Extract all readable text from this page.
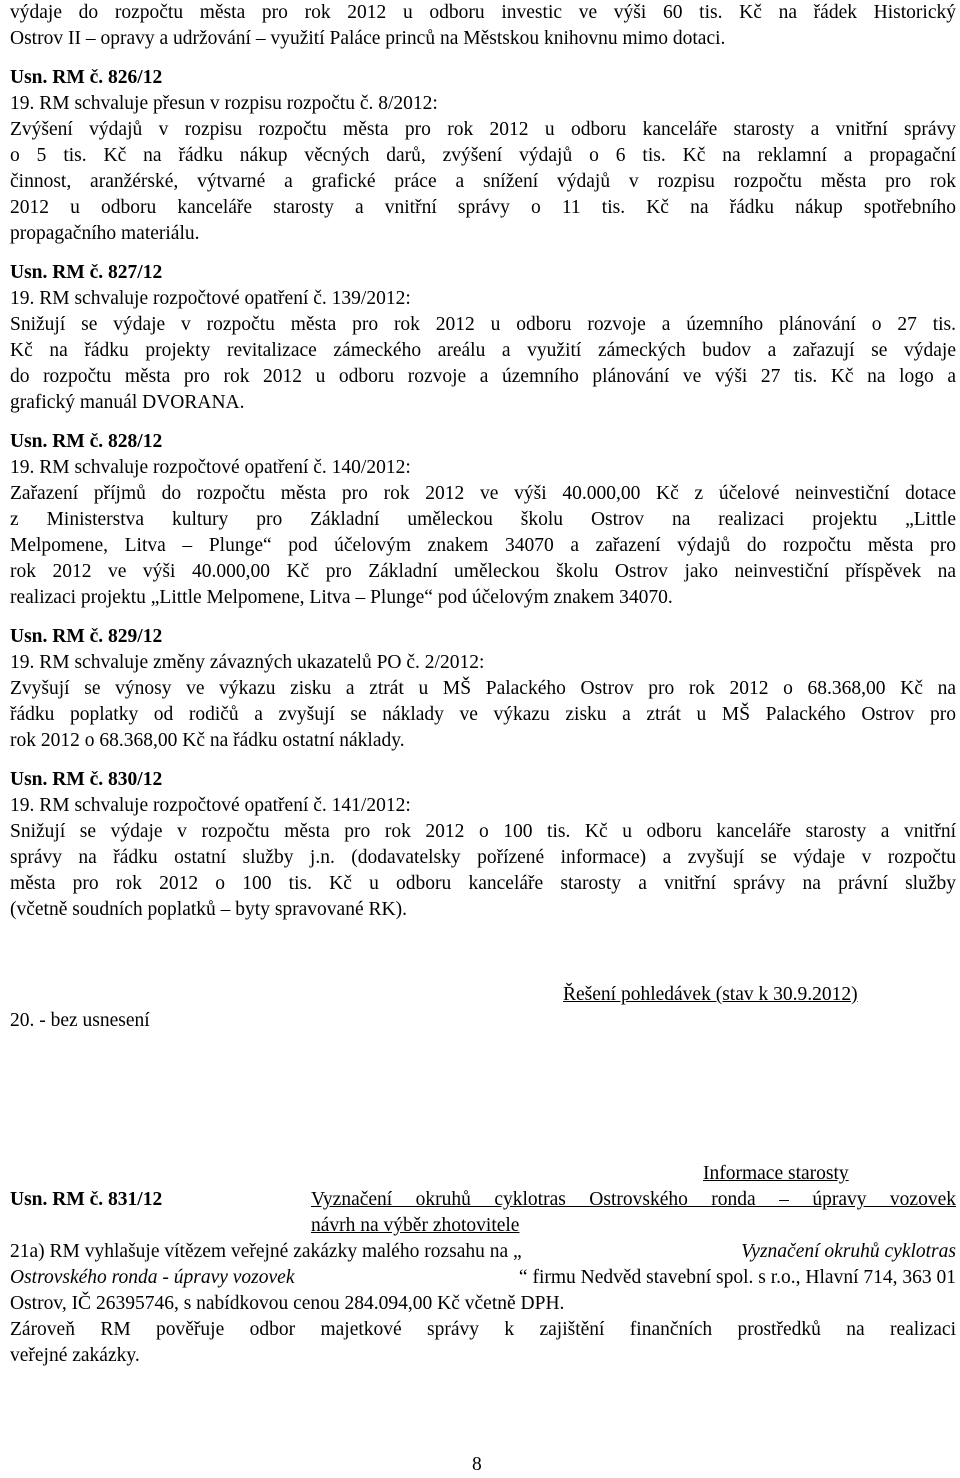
výdaje do rozpočtu města pro rok 2012 u odboru investic ve výši 60 tis. Kč na řádek Historický
Ostrov II – opravy a udržování – využití Paláce princů na Městskou knihovnu mimo dotaci.
Usn. RM č. 826/12
19. RM schvaluje přesun v rozpisu rozpočtu č. 8/2012:
Zvýšení výdajů v rozpisu rozpočtu města pro rok 2012 u odboru kanceláře starosty a vnitřní správy
o 5 tis. Kč na řádku nákup věcných darů, zvýšení výdajů o 6 tis. Kč na reklamní a propagační
činnost, aranžérské, výtvarné a grafické práce a snížení výdajů v rozpisu rozpočtu města pro rok
2012 u odboru kanceláře starosty a vnitřní správy o 11 tis. Kč na řádku nákup spotřebního
propagačního materiálu.
Usn. RM č. 827/12
19. RM schvaluje rozpočtové opatření č. 139/2012:
Snižují se výdaje v rozpočtu města pro rok 2012 u odboru rozvoje a územního plánování o 27 tis.
Kč na řádku projekty revitalizace zámeckého areálu a využití zámeckých budov a zařazují se výdaje
do rozpočtu města pro rok 2012 u odboru rozvoje a územního plánování ve výši 27 tis. Kč na logo a
grafický manuál DVORANA.
Usn. RM č. 828/12
19. RM schvaluje rozpočtové opatření č. 140/2012:
Zařazení příjmů do rozpočtu města pro rok 2012 ve výši 40.000,00 Kč z účelové neinvestiční dotace
z Ministerstva kultury pro Základní uměleckou školu Ostrov na realizaci projektu „Little
Melpomene, Litva – Plunge“ pod účelovým znakem 34070 a zařazení výdajů do rozpočtu města pro
rok 2012 ve výši 40.000,00 Kč pro Základní uměleckou školu Ostrov jako neinvestiční příspěvek na
realizaci projektu „Little Melpomene, Litva – Plunge“ pod účelovým znakem 34070.
Usn. RM č. 829/12
19. RM schvaluje změny závazných ukazatelů PO č. 2/2012:
Zvyšují se výnosy ve výkazu zisku a ztrát u MŠ Palackého Ostrov pro rok 2012 o 68.368,00 Kč na
řádku poplatky od rodičů a zvyšují se náklady ve výkazu zisku a ztrát u MŠ Palackého Ostrov pro
rok 2012 o 68.368,00 Kč na řádku ostatní náklady.
Usn. RM č. 830/12
19. RM schvaluje rozpočtové opatření č. 141/2012:
Snižují se výdaje v rozpočtu města pro rok 2012 o 100 tis. Kč u odboru kanceláře starosty a vnitřní
správy na řádku ostatní služby j.n. (dodavatelsky pořízené informace) a zvyšují se výdaje v rozpočtu
města pro rok 2012 o 100 tis. Kč u odboru kanceláře starosty a vnitřní správy na právní služby
(včetně soudních poplatků – byty spravované RK).
Řešení pohledávek (stav k 30.9.2012)
20. - bez usnesení
Informace starosty
Usn. RM č. 831/12	Vyznačení okruhů cyklotras Ostrovského ronda – úpravy vozovek
návrh na výběr zhotovitele
21a) RM vyhlašuje vítězem veřejné zakázky malého rozsahu na „	Vyznačení okruhů cyklotras
Ostrovského ronda - úpravy vozovek	“ firmu Nedvěd stavební spol. s r.o., Hlavní 714, 363 01
Ostrov, IČ 26395746, s nabídkovou cenou 284.094,00 Kč včetně DPH.
Zároveň RM pověřuje odbor majetkové správy k zajištění finančních prostředků na realizaci
veřejné zakázky.
8
